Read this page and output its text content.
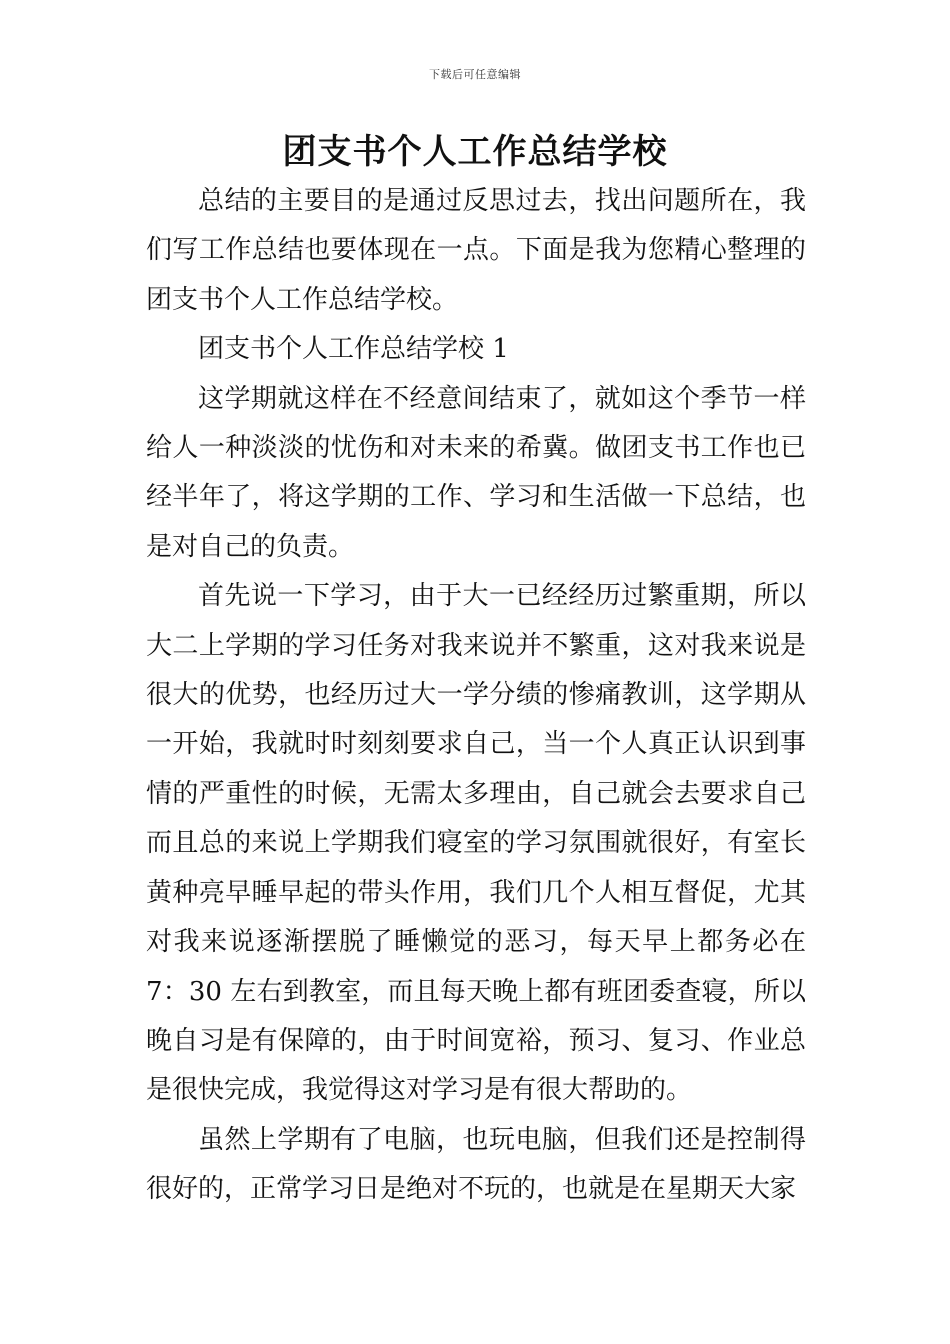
下载后可任意编辑
团支书个人工作总结学校

总结的主要目的是通过反思过去，找出问题所在，我们写工作总结也要体现在一点。下面是我为您精心整理的团支书个人工作总结学校。

团支书个人工作总结学校 1

这学期就这样在不经意间结束了，就如这个季节一样给人一种淡淡的忧伤和对未来的希冀。做团支书工作也已经半年了，将这学期的工作、学习和生活做一下总结，也是对自己的负责。

首先说一下学习，由于大一已经经历过繁重期，所以大二上学期的学习任务对我来说并不繁重，这对我来说是很大的优势，也经历过大一学分绩的惨痛教训，这学期从一开始，我就时时刻刻要求自己，当一个人真正认识到事情的严重性的时候，无需太多理由，自己就会去要求自己而且总的来说上学期我们寝室的学习氛围就很好，有室长黄种亮早睡早起的带头作用，我们几个人相互督促，尤其对我来说逐渐摆脱了睡懒觉的恶习，每天早上都务必在 7：30 左右到教室，而且每天晚上都有班团委查寝，所以晚自习是有保障的，由于时间宽裕，预习、复习、作业总是很快完成，我觉得这对学习是有很大帮助的。

虽然上学期有了电脑，也玩电脑，但我们还是控制得很好的，正常学习日是绝对不玩的，也就是在星期天大家
